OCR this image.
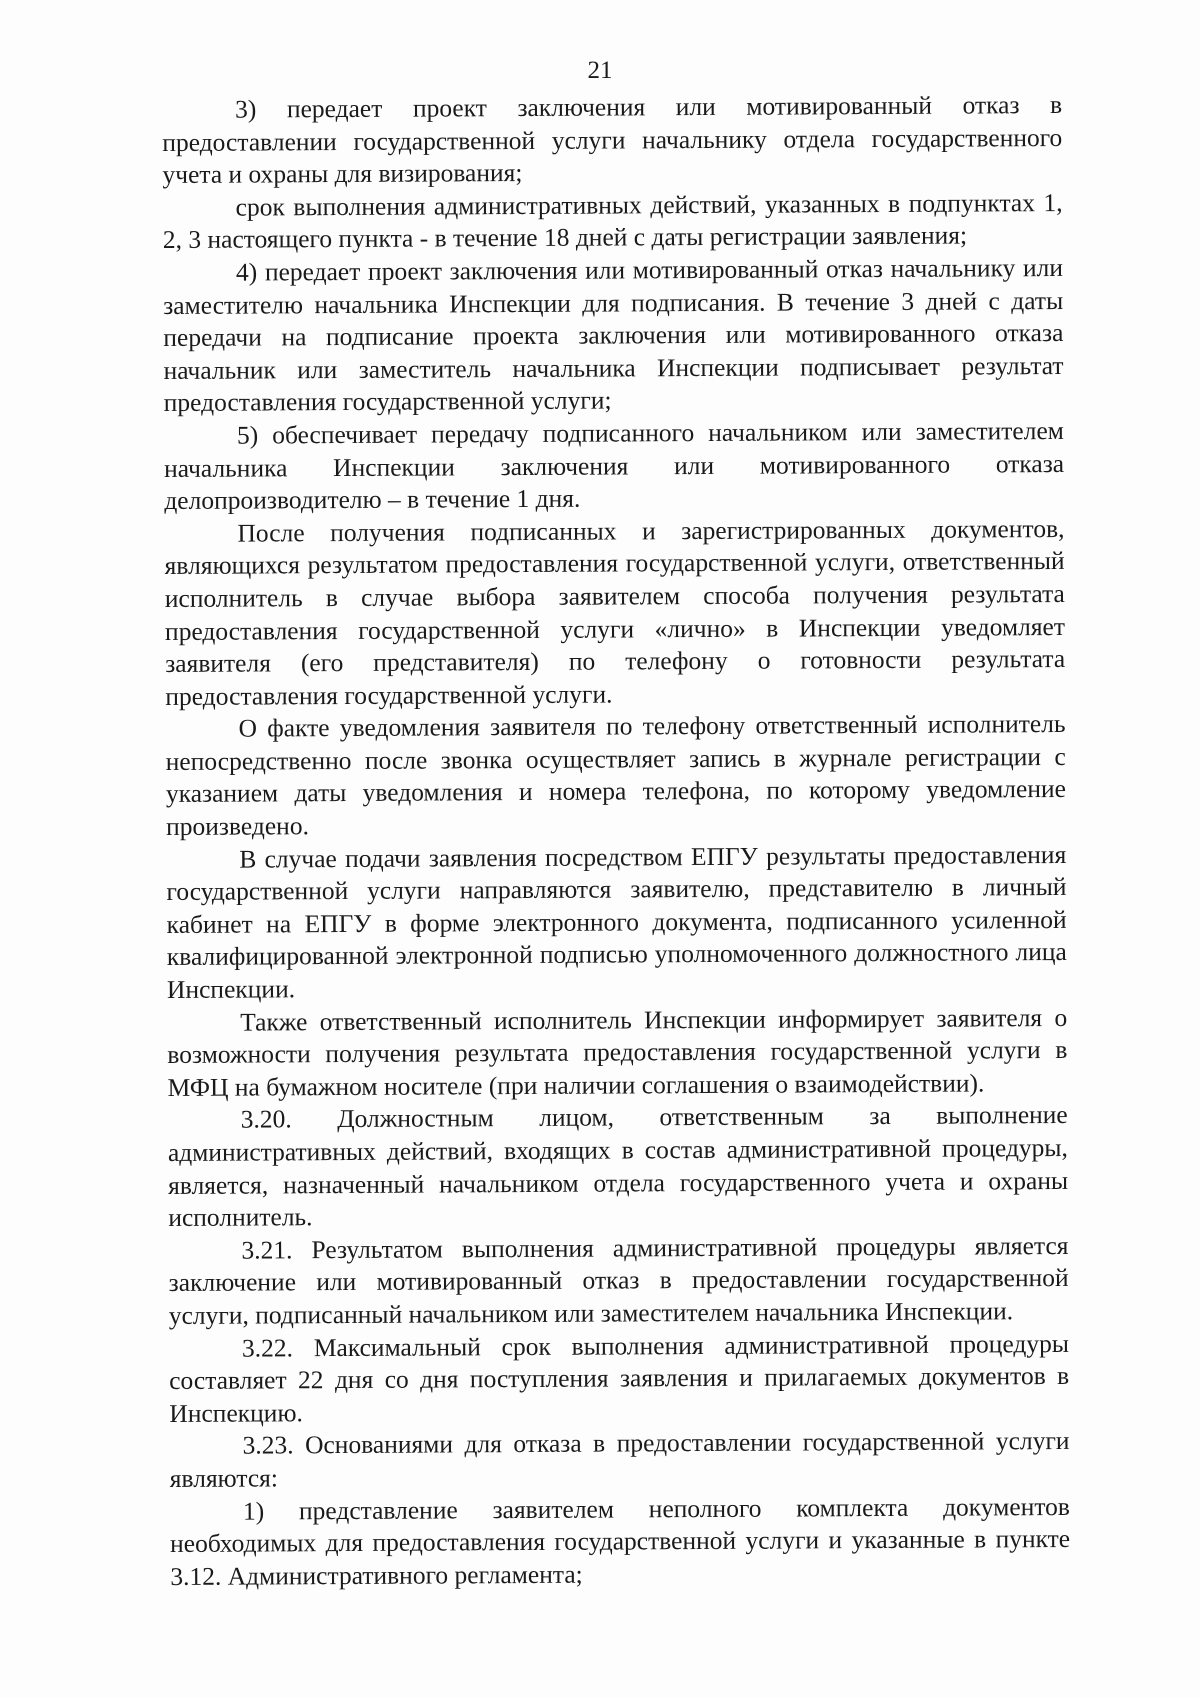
21

3) передает проект заключения или мотивированный отказ в предоставлении государственной услуги начальнику отдела государственного учета и охраны для визирования;

срок выполнения административных действий, указанных в подпунктах 1, 2, 3 настоящего пункта - в течение 18 дней с даты регистрации заявления;

4) передает проект заключения или мотивированный отказ начальнику или заместителю начальника Инспекции для подписания. В течение 3 дней с даты передачи на подписание проекта заключения или мотивированного отказа начальник или заместитель начальника Инспекции подписывает результат предоставления государственной услуги;

5) обеспечивает передачу подписанного начальником или заместителем начальника Инспекции заключения или мотивированного отказа делопроизводителю – в течение 1 дня.

После получения подписанных и зарегистрированных документов, являющихся результатом предоставления государственной услуги, ответственный исполнитель в случае выбора заявителем способа получения результата предоставления государственной услуги «лично» в Инспекции уведомляет заявителя (его представителя) по телефону о готовности результата предоставления государственной услуги.

О факте уведомления заявителя по телефону ответственный исполнитель непосредственно после звонка осуществляет запись в журнале регистрации с указанием даты уведомления и номера телефона, по которому уведомление произведено.

В случае подачи заявления посредством ЕПГУ результаты предоставления государственной услуги направляются заявителю, представителю в личный кабинет на ЕПГУ в форме электронного документа, подписанного усиленной квалифицированной электронной подписью уполномоченного должностного лица Инспекции.

Также ответственный исполнитель Инспекции информирует заявителя о возможности получения результата предоставления государственной услуги в МФЦ на бумажном носителе (при наличии соглашения о взаимодействии).

3.20. Должностным лицом, ответственным за выполнение административных действий, входящих в состав административной процедуры, является, назначенный начальником отдела государственного учета и охраны исполнитель.

3.21. Результатом выполнения административной процедуры является заключение или мотивированный отказ в предоставлении государственной услуги, подписанный начальником или заместителем начальника Инспекции.

3.22. Максимальный срок выполнения административной процедуры составляет 22 дня со дня поступления заявления и прилагаемых документов в Инспекцию.

3.23. Основаниями для отказа в предоставлении государственной услуги являются:

1) представление заявителем неполного комплекта документов необходимых для предоставления государственной услуги и указанные в пункте 3.12. Административного регламента;
